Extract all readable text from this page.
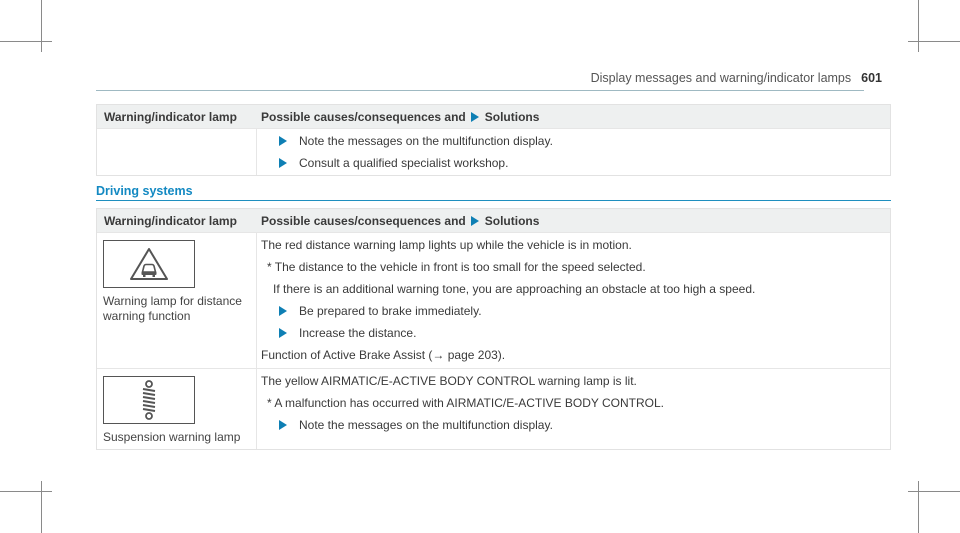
Display messages and warning/indicator lamps 601
Warning/indicator lamp	Possible causes/consequences and Solutions
Note the messages on the multifunction display.
Consult a qualified specialist workshop.
Driving systems
Warning/indicator lamp	Possible causes/consequences and Solutions
Warning lamp for distance
warning function
The red distance warning lamp lights up while the vehicle is in motion.
* The distance to the vehicle in front is too small for the speed selected.
If there is an additional warning tone, you are approaching an obstacle at too high a speed.
Be prepared to brake immediately.
Increase the distance.
Function of Active Brake Assist (→ page 203).
Suspension warning lamp
The yellow AIRMATIC/E-ACTIVE BODY CONTROL warning lamp is lit.
* A malfunction has occurred with AIRMATIC/E-ACTIVE BODY CONTROL.
Note the messages on the multifunction display.
